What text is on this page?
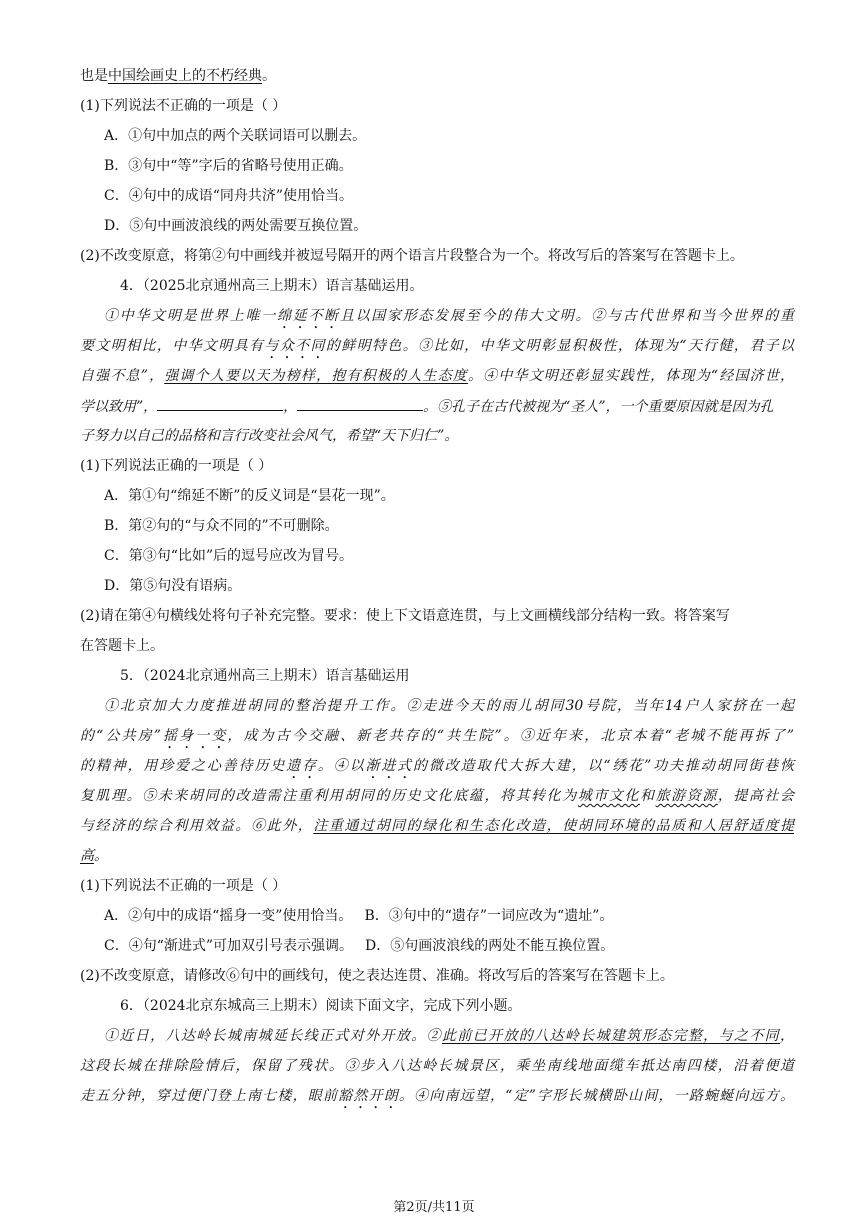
也是中国绘画史上的不朽经典。
(1)下列说法不正确的一项是（ ）
A．①句中加点的两个关联词语可以删去。
B．③句中“等”字后的省略号使用正确。
C．④句中的成语“同舟共济”使用恰当。
D．⑤句中画波浪线的两处需要互换位置。
(2)不改变原意，将第②句中画线并被逗号隔开的两个语言片段整合为一个。将改写后的答案写在答题卡上。
4．（2025北京通州高三上期末）语言基础运用。
①中华文明是世界上唯一绵延不断且以国家形态发展至今的伟大文明。②与古代世界和当今世界的重
要文明相比，中华文明具有与众不同的鲜明特色。③比如，中华文明彰显积极性，体现为“天行健，君子以
自强不息”，强调个人要以天为榜样，抱有积极的人生态度。④中华文明还彰显实践性，体现为“经国济世，
学以致用”，	，	。⑤孔子在古代被视为“圣人”，一个重要原因就是因为孔
子努力以自己的品格和言行改变社会风气，希望“天下归仁”。
(1)下列说法正确的一项是（ ）
A．第①句“绵延不断”的反义词是“昙花一现”。
B．第②句的“与众不同的”不可删除。
C．第③句“比如”后的逗号应改为冒号。
D．第⑤句没有语病。
(2)请在第④句横线处将句子补充完整。要求：使上下文语意连贯，与上文画横线部分结构一致。将答案写
在答题卡上。
5．（2024北京通州高三上期末）语言基础运用
①北京加大力度推进胡同的整治提升工作。②走进今天的雨儿胡同30号院，当年14户人家挤在一起
的“公共房”摇身一变，成为古今交融、新老共存的“共生院”。③近年来，北京本着“老城不能再拆了”
的精神，用珍爱之心善待历史遗存。④以渐进式的微改造取代大拆大建，以“绣花”功夫推动胡同街巷恢
复肌理。⑤未来胡同的改造需注重利用胡同的历史文化底蕴，将其转化为城市文化和旅游资源，提高社会
与经济的综合利用效益。⑥此外，注重通过胡同的绿化和生态化改造，使胡同环境的品质和人居舒适度提
高。
(1)下列说法不正确的一项是（ ）
A．②句中的成语“摇身一变”使用恰当。 B．③句中的“遗存”一词应改为“遗址”。
C．④句“渐进式”可加双引号表示强调。 D．⑤句画波浪线的两处不能互换位置。
(2)不改变原意，请修改⑥句中的画线句，使之表达连贯、准确。将改写后的答案写在答题卡上。
6．（2024北京东城高三上期末）阅读下面文字，完成下列小题。
①近日，八达岭长城南城延长线正式对外开放。②此前已开放的八达岭长城建筑形态完整，与之不同，
这段长城在排除险情后，保留了残状。③步入八达岭长城景区，乘坐南线地面缆车抵达南四楼，沿着便道
走五分钟，穿过便门登上南七楼，眼前豁然开朗。④向南远望，“定”字形长城横卧山间，一路蜿蜒向远方。
第2页/共11页
